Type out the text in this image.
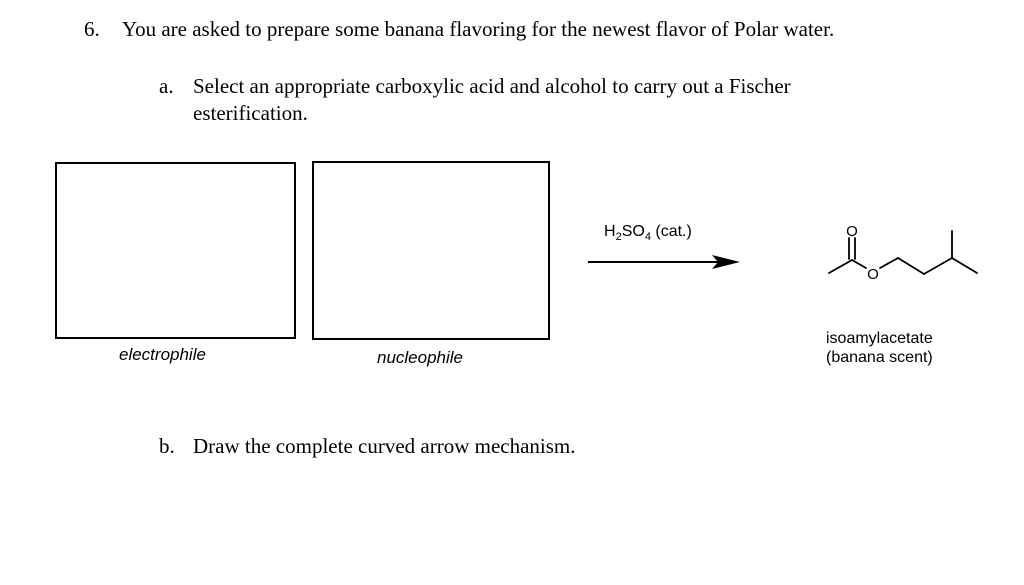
6. You are asked to prepare some banana flavoring for the newest flavor of Polar water.
a. Select an appropriate carboxylic acid and alcohol to carry out a Fischer
esterification.
electrophile	nucleophile
$H_2SO_4$ (cat.)	O
O
isoamylacetate
(banana scent)
b. Draw the complete curved arrow mechanism.
